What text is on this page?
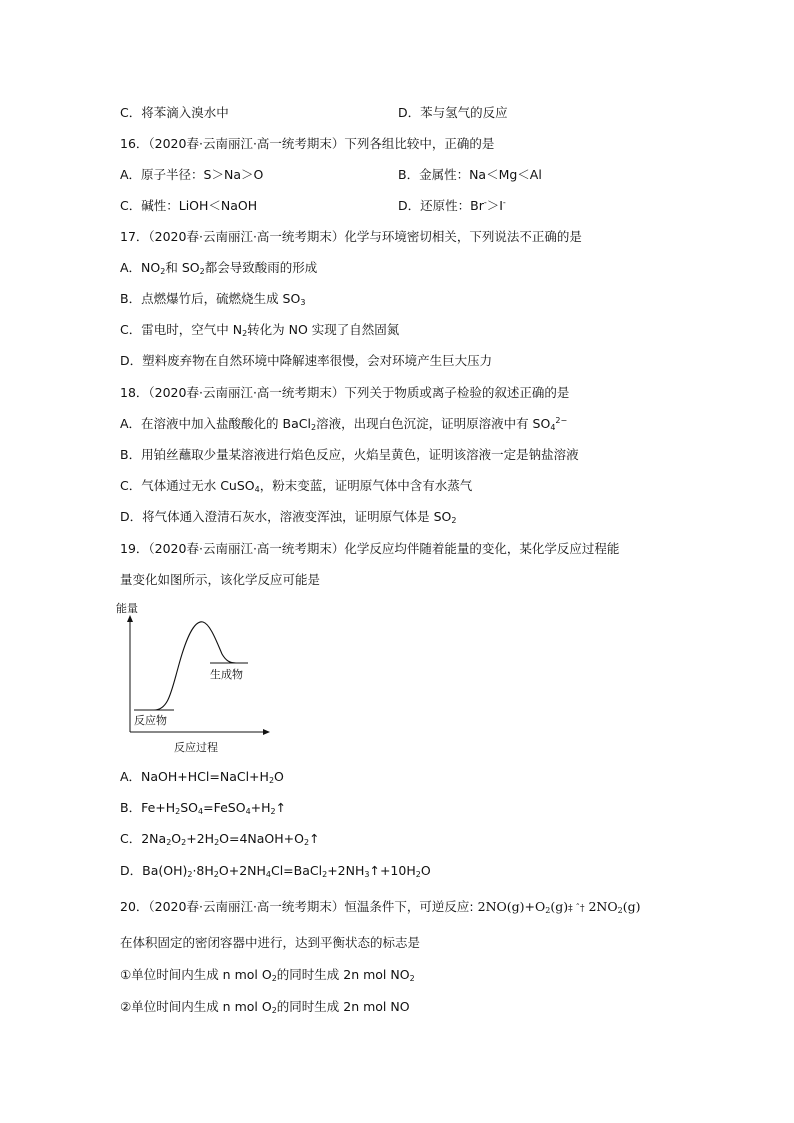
C．将苯滴入溴水中	D．苯与氢气的反应
16．（2020春·云南丽江·高一统考期末）下列各组比较中，正确的是
A．原子半径：S＞Na＞O	B．金属性：Na＜Mg＜Al
C．碱性：LiOH＜NaOH	D．还原性：Br-＞I-
17．（2020春·云南丽江·高一统考期末）化学与环境密切相关，下列说法不正确的是
A．$NO_2$和 $SO_2$都会导致酸雨的形成
B．点燃爆竹后，硫燃烧生成 $SO_3$
C．雷电时，空气中 $N_2$转化为 NO 实现了自然固氮
D．塑料废弃物在自然环境中降解速率很慢，会对环境产生巨大压力
18．（2020春·云南丽江·高一统考期末）下列关于物质或离子检验的叙述正确的是
A．在溶液中加入盐酸酸化的 BaCl$_2$溶液，出现白色沉淀，证明原溶液中有 $SO_4^{2-}$
B．用铂丝蘸取少量某溶液进行焰色反应，火焰呈黄色，证明该溶液一定是钠盐溶液
C．气体通过无水 CuSO$_4$，粉末变蓝，证明原气体中含有水蒸气
D．将气体通入澄清石灰水，溶液变浑浊，证明原气体是 $SO_2$
19．（2020春·云南丽江·高一统考期末）化学反应均伴随着能量的变化，某化学反应过程能
量变化如图所示，该化学反应可能是
能量
反应物
生成物
反应过程
A．$NaOH+HCl=NaCl+H_2O$
B．$Fe+H_2SO_4=FeSO_4+H_2↑$
C．$2Na_2O_2+2H_2O=4NaOH+O_2↑$
D．$Ba(OH)_2\cdot 8H_2O+2NH_4Cl=BaCl_2+2NH_3↑+10H_2O$
20．（2020春·云南丽江·高一统考期末）恒温条件下，可逆反应: $2NO(g)+O_2(g)\ddagger$ ˆ† $2NO_2(g)$
在体积固定的密闭容器中进行，达到平衡状态的标志是
①单位时间内生成 n mol $O_2$的同时生成 2n mol $NO_2$
②单位时间内生成 n mol $O_2$的同时生成 2n mol NO
